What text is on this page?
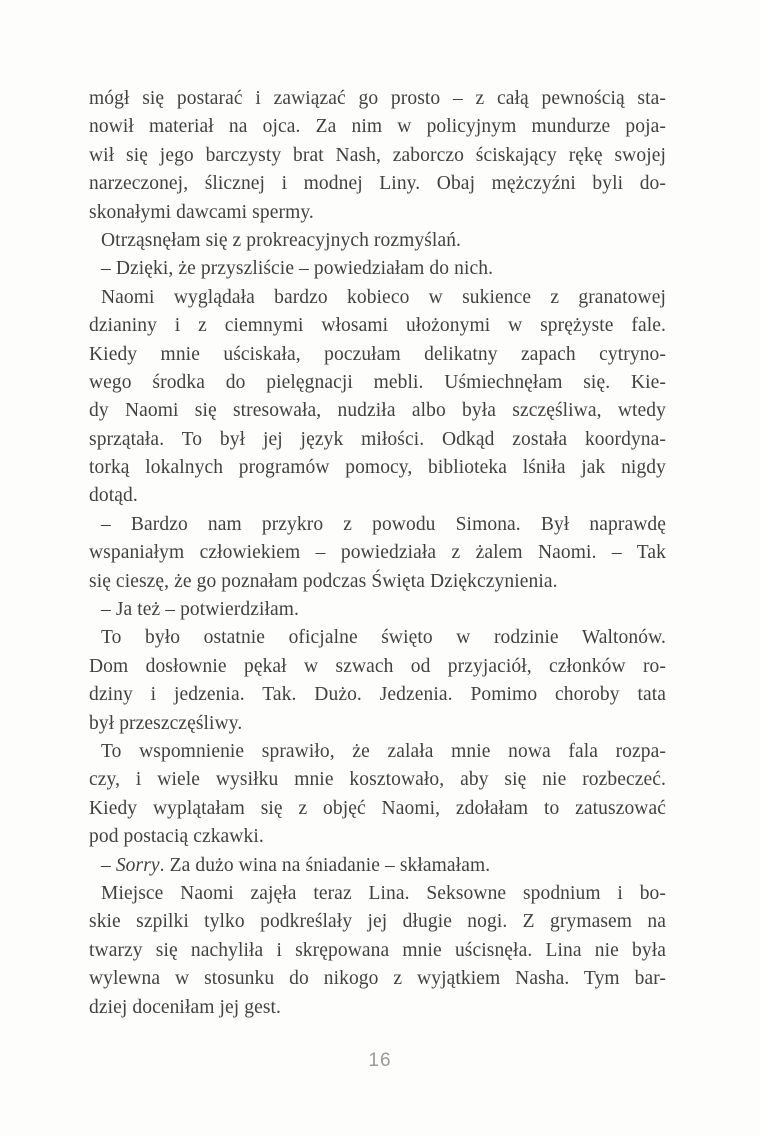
mógł się postarać i zawiązać go prosto – z całą pewnością sta-
nowił materiał na ojca. Za nim w policyjnym mundurze poja-
wił się jego barczysty brat Nash, zaborczo ściskający rękę swojej
narzeczonej, ślicznej i modnej Liny. Obaj mężczyźni byli do-
skonałymi dawcami spermy.
Otrząsnęłam się z prokreacyjnych rozmyślań.
– Dzięki, że przyszliście – powiedziałam do nich.
Naomi wyglądała bardzo kobieco w sukience z granatowej
dzianiny i z ciemnymi włosami ułożonymi w sprężyste fale.
Kiedy mnie uściskała, poczułam delikatny zapach cytryno-
wego środka do pielęgnacji mebli. Uśmiechnęłam się. Kie-
dy Naomi się stresowała, nudziła albo była szczęśliwa, wtedy
sprzątała. To był jej język miłości. Odkąd została koordyna-
torką lokalnych programów pomocy, biblioteka lśniła jak nigdy
dotąd.
– Bardzo nam przykro z powodu Simona. Był naprawdę
wspaniałym człowiekiem – powiedziała z żalem Naomi. – Tak
się cieszę, że go poznałam podczas Święta Dziękczynienia.
– Ja też – potwierdziłam.
To było ostatnie oficjalne święto w rodzinie Waltonów.
Dom dosłownie pękał w szwach od przyjaciół, członków ro-
dziny i jedzenia. Tak. Dużo. Jedzenia. Pomimo choroby tata
był przeszczęśliwy.
To wspomnienie sprawiło, że zalała mnie nowa fala rozpa-
czy, i wiele wysiłku mnie kosztowało, aby się nie rozbeczeć.
Kiedy wyplątałam się z objęć Naomi, zdołałam to zatuszować
pod postacią czkawki.
– Sorry. Za dużo wina na śniadanie – skłamałam.
Miejsce Naomi zajęła teraz Lina. Seksowne spodnium i bo-
skie szpilki tylko podkreślały jej długie nogi. Z grymasem na
twarzy się nachyliła i skrępowana mnie uścisnęła. Lina nie była
wylewna w stosunku do nikogo z wyjątkiem Nasha. Tym bar-
dziej doceniłam jej gest.
16
